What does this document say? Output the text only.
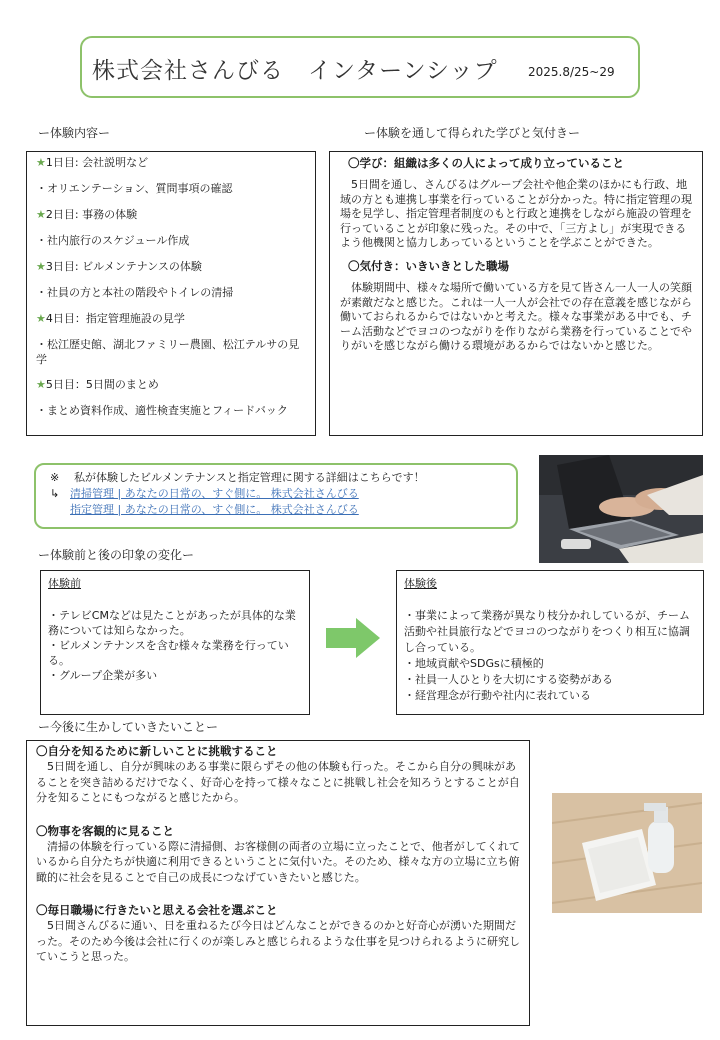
株式会社さんびる　インターンシップ	2025.8/25~29
ー体験内容ー	ー体験を通して得られた学びと気付きー
★1日目: 会社説明など
・オリエンテーション、質問事項の確認
★2日目: 事務の体験
・社内旅行のスケジュール作成
★3日目: ビルメンテナンスの体験
・社員の方と本社の階段やトイレの清掃
★4日目：指定管理施設の見学
・松江歴史館、湖北ファミリー農園、松江テルサの見学
★5日目：5日間のまとめ
・まとめ資料作成、適性検査実施とフィードバック
〇学び：組織は多くの人によって成り立っていること
　5日間を通し、さんびるはグループ会社や他企業のほかにも行政、地域の方とも連携し事業を行っていることが分かった。特に指定管理の現場を見学し、指定管理者制度のもと行政と連携をしながら施設の管理を行っていることが印象に残った。その中で、「三方よし」が実現できるよう他機関と協力しあっているということを学ぶことができた。
〇気付き：いきいきとした職場
　体験期間中、様々な場所で働いている方を見て皆さん一人一人の笑顔が素敵だなと感じた。これは一人一人が会社での存在意義を感じながら働いておられるからではないかと考えた。様々な事業がある中でも、チーム活動などでヨコのつながりを作りながら業務を行っていることでやりがいを感じながら働ける環境があるからではないかと感じた。
※ 私が体験したビルメンテナンスと指定管理に関する詳細はこちらです！
↳ 清掃管理 | あなたの日常の、すぐ側に。 株式会社さんびる
指定管理 | あなたの日常の、すぐ側に。 株式会社さんびる
ー体験前と後の印象の変化ー
体験前
・テレビCMなどは見たことがあったが具体的な業務については知らなかった。
・ビルメンテナンスを含む様々な業務を行っている。
・グループ企業が多い
体験後
・事業によって業務が異なり枝分かれしているが、チーム活動や社員旅行などでヨコのつながりをつくり相互に協調し合っている。
・地域貢献やSDGsに積極的
・社員一人ひとりを大切にする姿勢がある
・経営理念が行動や社内に表れている
ー今後に生かしていきたいことー
〇自分を知るために新しいことに挑戦すること
　5日間を通し、自分が興味のある事業に限らずその他の体験も行った。そこから自分の興味があることを突き詰めるだけでなく、好奇心を持って様々なことに挑戦し社会を知ろうとすることが自分を知ることにもつながると感じたから。
〇物事を客観的に見ること
　清掃の体験を行っている際に清掃側、お客様側の両者の立場に立ったことで、他者がしてくれているから自分たちが快適に利用できるということに気付いた。そのため、様々な方の立場に立ち俯瞰的に社会を見ることで自己の成長につなげていきたいと感じた。
〇毎日職場に行きたいと思える会社を選ぶこと
　5日間さんびるに通い、日を重ねるたび今日はどんなことができるのかと好奇心が湧いた期間だった。そのため今後は会社に行くのが楽しみと感じられるような仕事を見つけられるように研究していこうと思った。
